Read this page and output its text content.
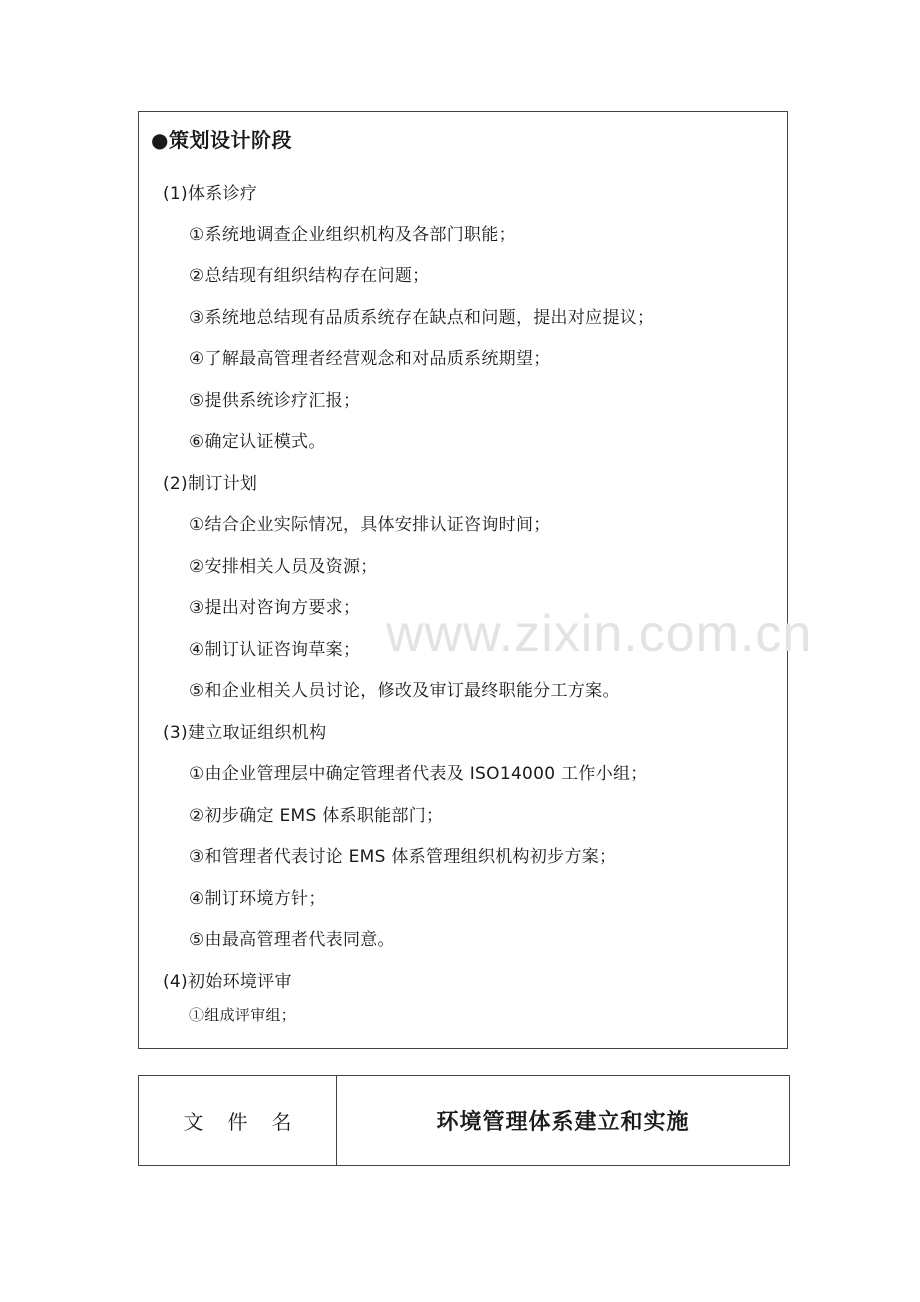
●策划设计阶段
(1)体系诊疗
①系统地调查企业组织机构及各部门职能；
②总结现有组织结构存在问题；
③系统地总结现有品质系统存在缺点和问题，提出对应提议；
④了解最高管理者经营观念和对品质系统期望；
⑤提供系统诊疗汇报；
⑥确定认证模式。
(2)制订计划
①结合企业实际情况，具体安排认证咨询时间；
②安排相关人员及资源；
③提出对咨询方要求；
④制订认证咨询草案；
⑤和企业相关人员讨论，修改及审订最终职能分工方案。
(3)建立取证组织机构
①由企业管理层中确定管理者代表及 ISO14000 工作小组；
②初步确定 EMS 体系职能部门；
③和管理者代表讨论 EMS 体系管理组织机构初步方案；
④制订环境方针；
⑤由最高管理者代表同意。
(4)初始环境评审
①组成评审组；
www.zixin.com.cn
文件名	环境管理体系建立和实施
